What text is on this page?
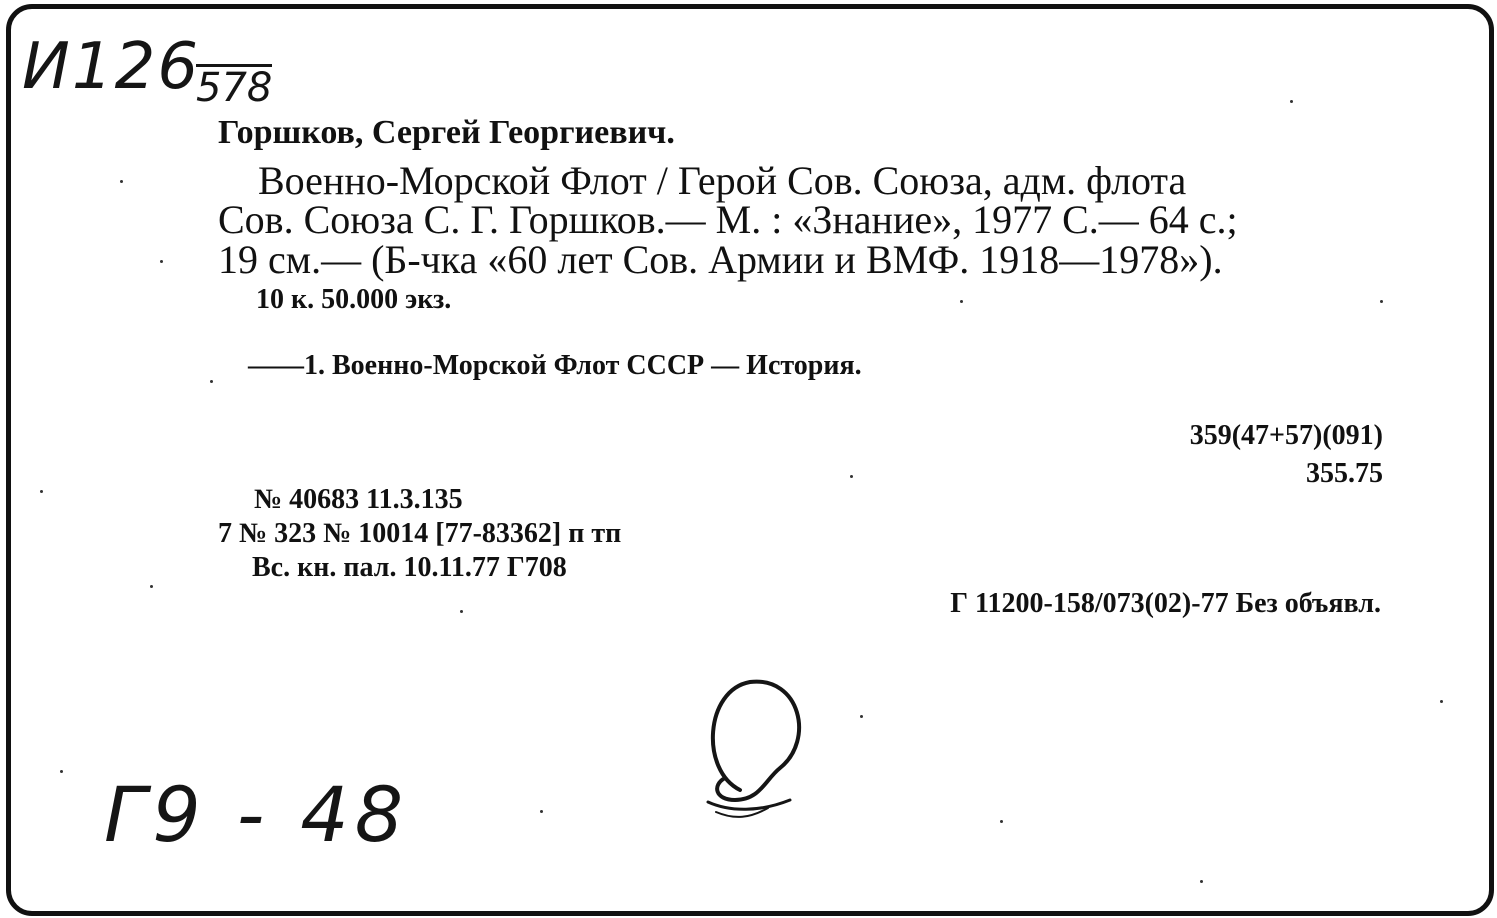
И126
578
Горшков, Сергей Георгиевич.
Военно-Морской Флот / Герой Сов. Союза, адм. флота
Сов. Союза С. Г. Горшков.— М. : «Знание», 1977 С.— 64 с.;
19 см.— (Б-чка «60 лет Сов. Армии и ВМФ. 1918—1978»).
10 к. 50.000 экз.
——1. Военно-Морской Флот СССР — История.
359(47+57)(091)
355.75
№ 40683 11.3.135
7 № 323 № 10014 [77-83362] п тп
Вс. кн. пал. 10.11.77 Г708
Г 11200-158/073(02)-77 Без объявл.
Г9 - 48
